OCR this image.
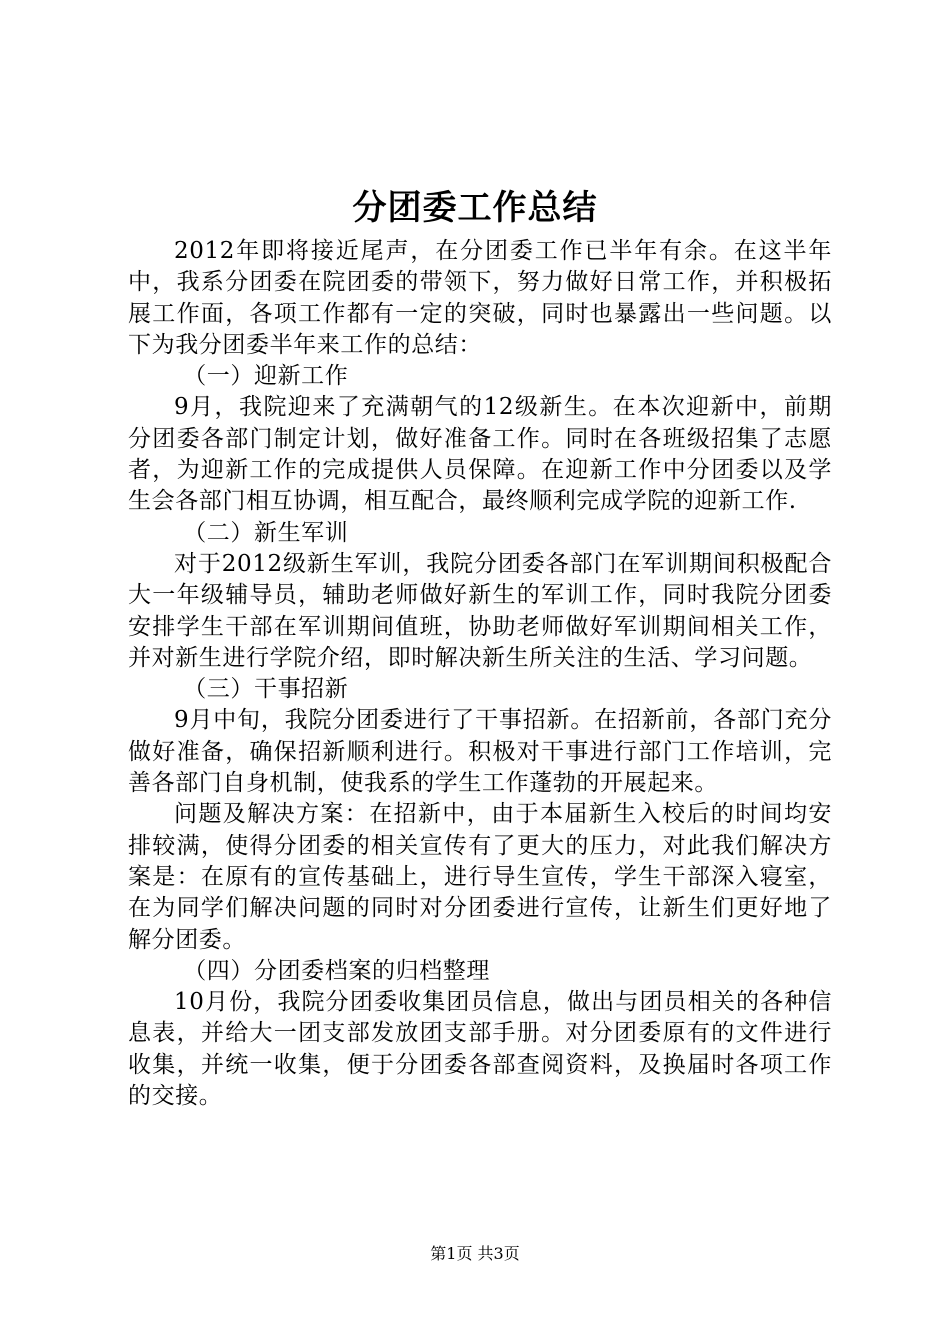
分团委工作总结

2012年即将接近尾声，在分团委工作已半年有余。在这半年中，我系分团委在院团委的带领下，努力做好日常工作，并积极拓展工作面，各项工作都有一定的突破，同时也暴露出一些问题。以下为我分团委半年来工作的总结：

（一）迎新工作

9月，我院迎来了充满朝气的12级新生。在本次迎新中，前期分团委各部门制定计划，做好准备工作。同时在各班级招集了志愿者，为迎新工作的完成提供人员保障。在迎新工作中分团委以及学生会各部门相互协调，相互配合，最终顺利完成学院的迎新工作.

（二）新生军训

对于2012级新生军训，我院分团委各部门在军训期间积极配合大一年级辅导员，辅助老师做好新生的军训工作，同时我院分团委安排学生干部在军训期间值班，协助老师做好军训期间相关工作，并对新生进行学院介绍，即时解决新生所关注的生活、学习问题。

（三）干事招新

9月中旬，我院分团委进行了干事招新。在招新前，各部门充分做好准备，确保招新顺利进行。积极对干事进行部门工作培训，完善各部门自身机制，使我系的学生工作蓬勃的开展起来。

问题及解决方案：在招新中，由于本届新生入校后的时间均安排较满，使得分团委的相关宣传有了更大的压力，对此我们解决方案是：在原有的宣传基础上，进行导生宣传，学生干部深入寝室，在为同学们解决问题的同时对分团委进行宣传，让新生们更好地了解分团委。

（四）分团委档案的归档整理

10月份，我院分团委收集团员信息，做出与团员相关的各种信息表，并给大一团支部发放团支部手册。对分团委原有的文件进行收集，并统一收集，便于分团委各部查阅资料，及换届时各项工作的交接。

第1页 共3页
